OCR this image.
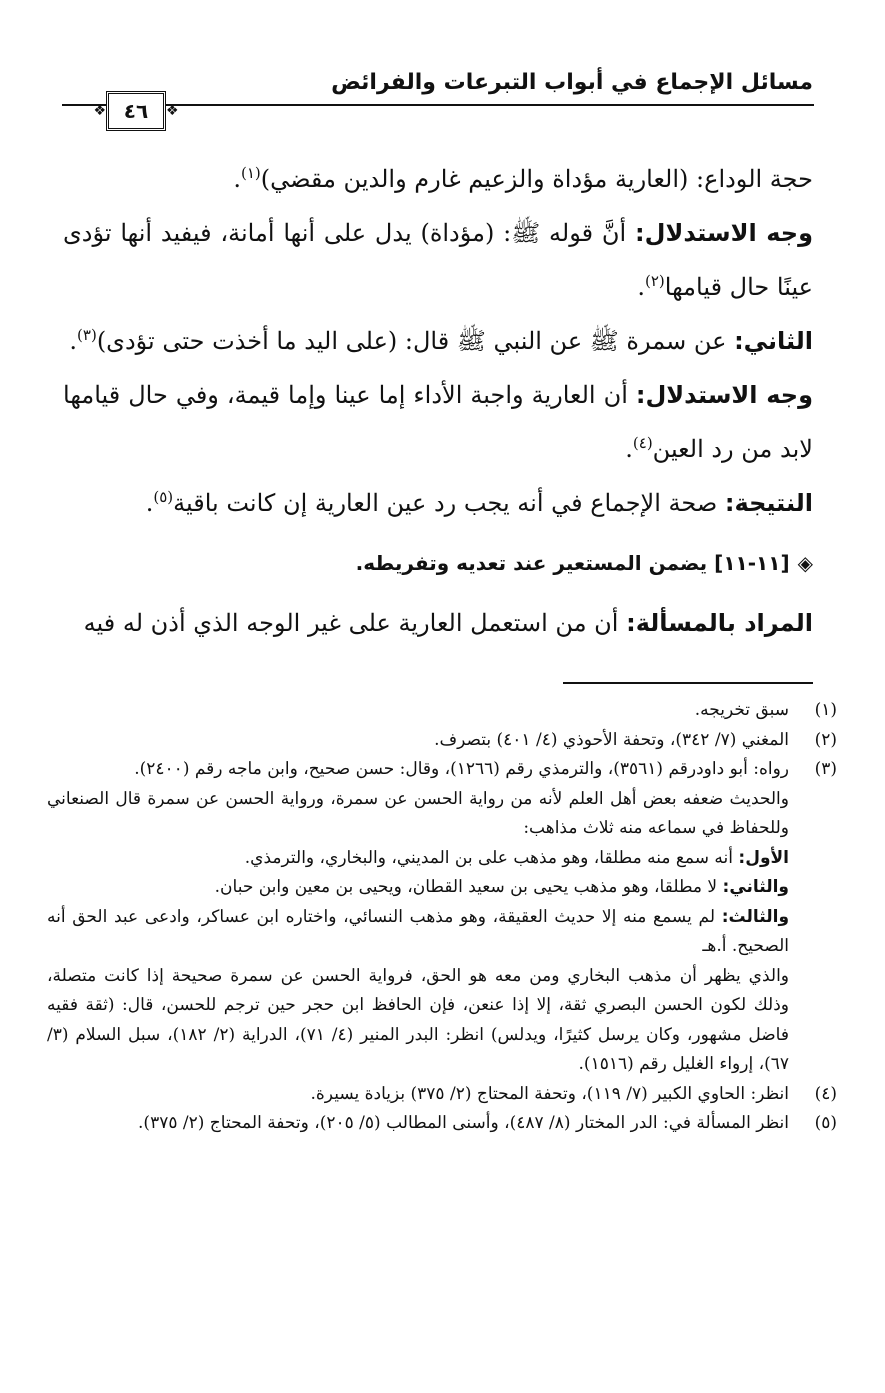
مسائل الإجماع في أبواب التبرعات والفرائض
❖
٤٦
❖

حجة الوداع: (العارية مؤداة والزعيم غارم والدين مقضي)$^{(١)}$.

وجه الاستدلال: أنَّ قوله ﷺ: (مؤداة) يدل على أنها أمانة، فيفيد أنها تؤدى عينًا حال قيامها$^{(٢)}$.

الثاني: عن سمرة ﷺ عن النبي ﷺ قال: (على اليد ما أخذت حتى تؤدى)$^{(٣)}$.

وجه الاستدلال: أن العارية واجبة الأداء إما عينا وإما قيمة، وفي حال قيامها لابد من رد العين$^{(٤)}$.

النتيجة: صحة الإجماع في أنه يجب رد عين العارية إن كانت باقية$^{(٥)}$.

◈
[١١-١١] يضمن المستعير عند تعديه وتفريطه.

المراد بالمسألة: أن من استعمل العارية على غير الوجه الذي أذن له فيه

(١)
سبق تخريجه.
(٢)
المغني (٧/ ٣٤٢)، وتحفة الأحوذي (٤/ ٤٠١) بتصرف.
(٣)
رواه: أبو داودرقم (٣٥٦١)، والترمذي رقم (١٢٦٦)، وقال: حسن صحيح، وابن ماجه رقم (٢٤٠٠).
والحديث ضعفه بعض أهل العلم لأنه من رواية الحسن عن سمرة، ورواية الحسن عن سمرة قال الصنعاني وللحفاظ في سماعه منه ثلاث مذاهب:
الأول: أنه سمع منه مطلقا، وهو مذهب على بن المديني، والبخاري، والترمذي.
والثاني: لا مطلقا، وهو مذهب يحيى بن سعيد القطان، ويحيى بن معين وابن حبان.
والثالث: لم يسمع منه إلا حديث العقيقة، وهو مذهب النسائي، واختاره ابن عساكر، وادعى عبد الحق أنه الصحيح. أ.هـ
والذي يظهر أن مذهب البخاري ومن معه هو الحق، فرواية الحسن عن سمرة صحيحة إذا كانت متصلة، وذلك لكون الحسن البصري ثقة، إلا إذا عنعن، فإن الحافظ ابن حجر حين ترجم للحسن، قال: (ثقة فقيه فاضل مشهور، وكان يرسل كثيرًا، ويدلس) انظر: البدر المنير (٤/ ٧١)، الدراية (٢/ ١٨٢)، سبل السلام (٣/ ٦٧)، إرواء الغليل رقم (١٥١٦).
(٤)
انظر: الحاوي الكبير (٧/ ١١٩)، وتحفة المحتاج (٢/ ٣٧٥) بزيادة يسيرة.
(٥)
انظر المسألة في: الدر المختار (٨/ ٤٨٧)، وأسنى المطالب (٥/ ٢٠٥)، وتحفة المحتاج (٢/ ٣٧٥).
